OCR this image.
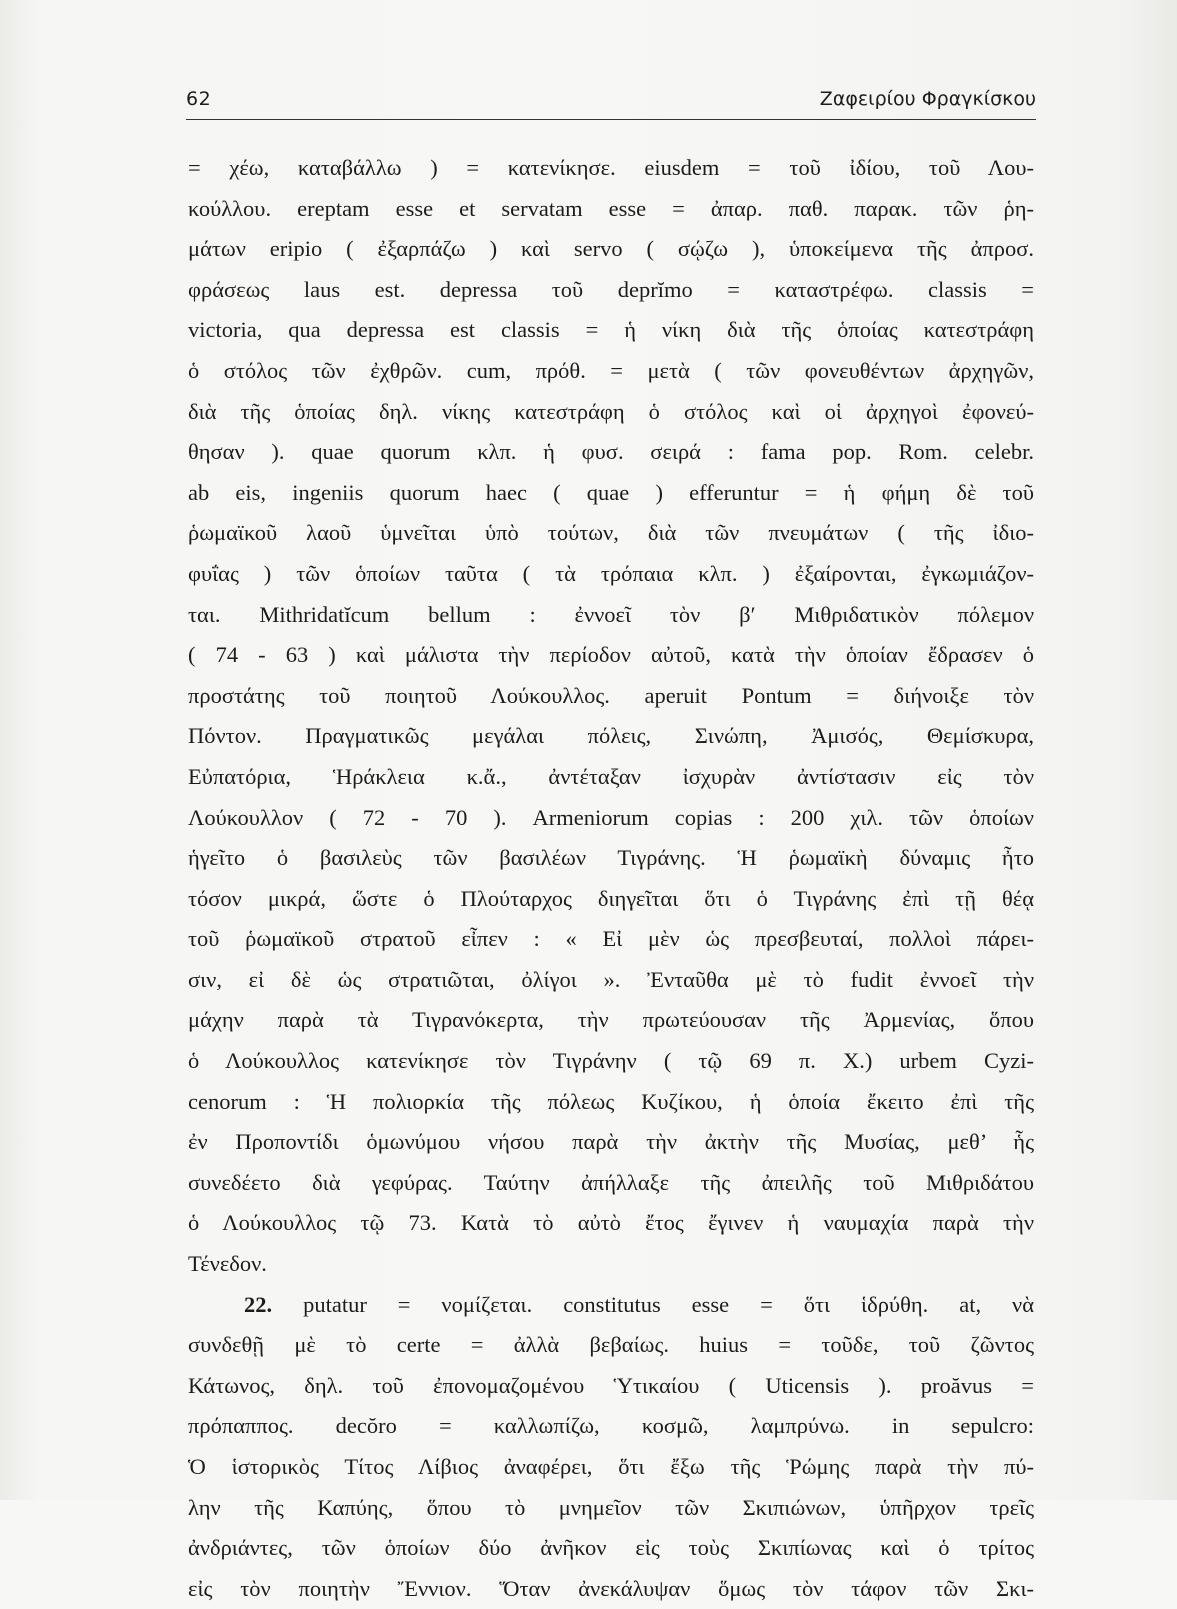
62	Ζαφειρίου Φραγκίσκου
= χέω, καταβάλλω ) = κατενίκησε. eiusdem = τοῦ ἰδίου, τοῦ Λου-
κούλλου. ereptam esse et servatam esse = ἀπαρ. παθ. παρακ. τῶν ῥη-
μάτων eripio ( ἐξαρπάζω ) καὶ servo ( σῴζω ), ὑποκείμενα τῆς ἀπροσ.
φράσεως laus est. depressa τοῦ deprĭmo = καταστρέφω. classis =
victoria, qua depressa est classis = ἡ νίκη διὰ τῆς ὁποίας κατεστράφη
ὁ στόλος τῶν ἐχθρῶν. cum, πρόθ. = μετὰ ( τῶν φονευθέντων ἀρχηγῶν,
διὰ τῆς ὁποίας δηλ. νίκης κατεστράφη ὁ στόλος καὶ οἱ ἀρχηγοὶ ἐφονεύ-
θησαν ). quae quorum κλπ. ἡ φυσ. σειρά : fama pop. Rom. celebr.
ab eis, ingeniis quorum haec ( quae ) efferuntur = ἡ φήμη δὲ τοῦ
ῥωμαϊκοῦ λαοῦ ὑμνεῖται ὑπὸ τούτων, διὰ τῶν πνευμάτων ( τῆς ἰδιο-
φυΐας ) τῶν ὁποίων ταῦτα ( τὰ τρόπαια κλπ. ) ἐξαίρονται, ἐγκωμιάζον-
ται. Mithridatĭcum bellum : ἐννοεῖ τὸν β′ Μιθριδατικὸν πόλεμον
( 74 - 63 ) καὶ μάλιστα τὴν περίοδον αὐτοῦ, κατὰ τὴν ὁποίαν ἔδρασεν ὁ
προστάτης τοῦ ποιητοῦ Λούκουλλος. aperuit Pontum = διήνοιξε τὸν
Πόντον. Πραγματικῶς μεγάλαι πόλεις, Σινώπη, Ἀμισός, Θεμίσκυρα,
Εὐπατόρια, Ἡράκλεια κ.ἄ., ἀντέταξαν ἰσχυρὰν ἀντίστασιν εἰς τὸν
Λούκουλλον ( 72 - 70 ). Armeniorum copias : 200 χιλ. τῶν ὁποίων
ἡγεῖτο ὁ βασιλεὺς τῶν βασιλέων Τιγράνης. Ἡ ῥωμαϊκὴ δύναμις ἦτο
τόσον μικρά, ὥστε ὁ Πλούταρχος διηγεῖται ὅτι ὁ Τιγράνης ἐπὶ τῇ θέᾳ
τοῦ ῥωμαϊκοῦ στρατοῦ εἶπεν : « Εἰ μὲν ὡς πρεσβευταί, πολλοὶ πάρει-
σιν, εἰ δὲ ὡς στρατιῶται, ὀλίγοι ». Ἐνταῦθα μὲ τὸ fudit ἐννοεῖ τὴν
μάχην παρὰ τὰ Τιγρανόκερτα, τὴν πρωτεύουσαν τῆς Ἀρμενίας, ὅπου
ὁ Λούκουλλος κατενίκησε τὸν Τιγράνην ( τῷ 69 π. Χ.) urbem Cyzi-
cenorum : Ἡ πολιορκία τῆς πόλεως Κυζίκου, ἡ ὁποία ἔκειτο ἐπὶ τῆς
ἐν Προποντίδι ὁμωνύμου νήσου παρὰ τὴν ἀκτὴν τῆς Μυσίας, μεθ’ ἧς
συνεδέετο διὰ γεφύρας. Ταύτην ἀπήλλαξε τῆς ἀπειλῆς τοῦ Μιθριδάτου
ὁ Λούκουλλος τῷ 73. Κατὰ τὸ αὐτὸ ἔτος ἔγινεν ἡ ναυμαχία παρὰ τὴν
Τένεδον.
22. putatur = νομίζεται. constitutus esse = ὅτι ἱδρύθη. at, νὰ
συνδεθῇ μὲ τὸ certe = ἀλλὰ βεβαίως. huius = τοῦδε, τοῦ ζῶντος
Κάτωνος, δηλ. τοῦ ἐπονομαζομένου Ὑτικαίου ( Uticensis ). proăvus =
πρόπαππος. decŏro = καλλωπίζω, κοσμῶ, λαμπρύνω. in sepulcro:
Ὁ ἱστορικὸς Τίτος Λίβιος ἀναφέρει, ὅτι ἔξω τῆς Ῥώμης παρὰ τὴν πύ-
λην τῆς Καπύης, ὅπου τὸ μνημεῖον τῶν Σκιπιώνων, ὑπῆρχον τρεῖς
ἀνδριάντες, τῶν ὁποίων δύο ἀνῆκον εἰς τοὺς Σκιπίωνας καὶ ὁ τρίτος
εἰς τὸν ποιητὴν Ἔννιον. Ὅταν ἀνεκάλυψαν ὅμως τὸν τάφον τῶν Σκι-
